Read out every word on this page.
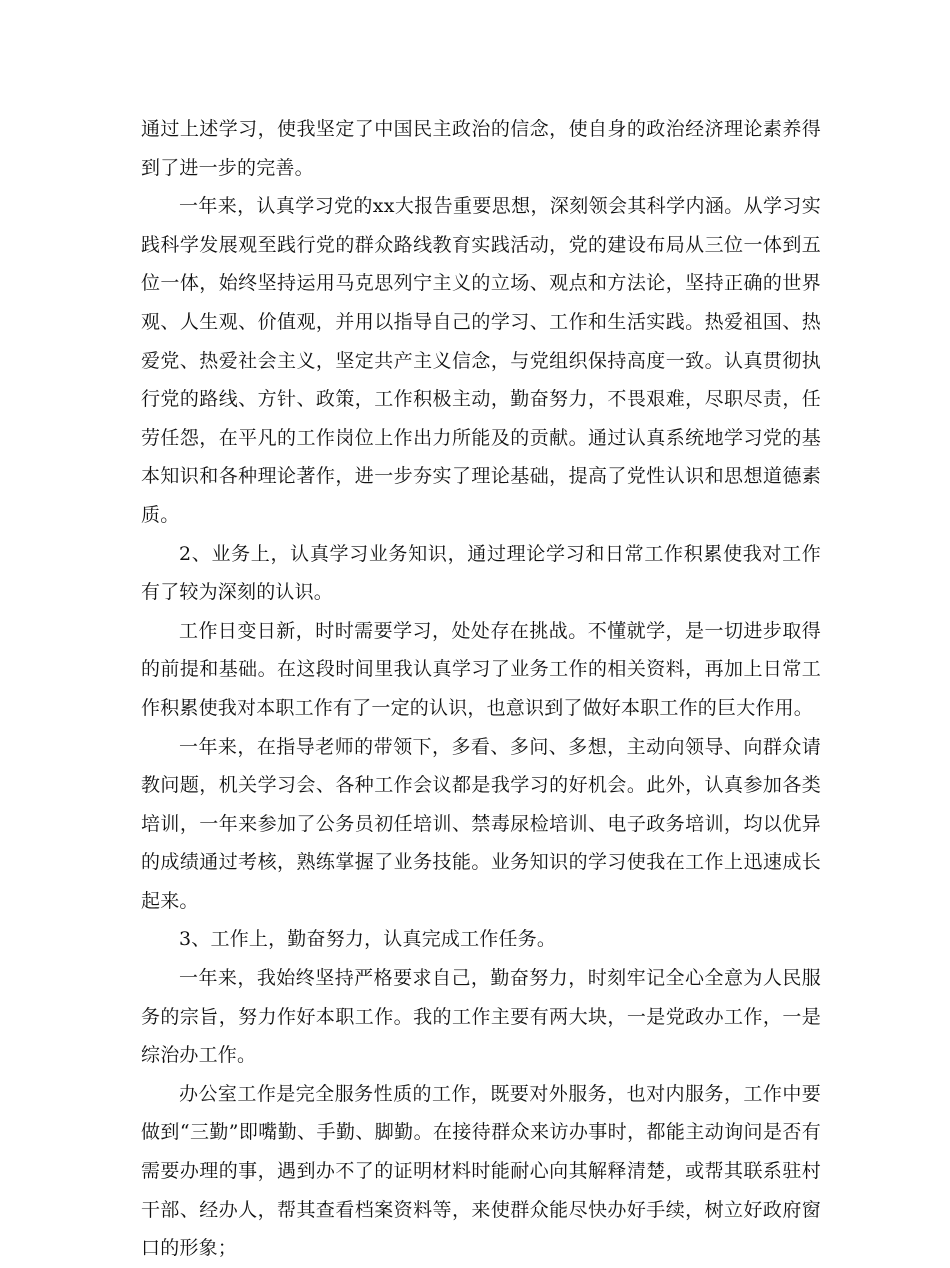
通过上述学习，使我坚定了中国民主政治的信念，使自身的政治经济理论素养得到了进一步的完善。

一年来，认真学习党的xx大报告重要思想，深刻领会其科学内涵。从学习实践科学发展观至践行党的群众路线教育实践活动，党的建设布局从三位一体到五位一体，始终坚持运用马克思列宁主义的立场、观点和方法论，坚持正确的世界观、人生观、价值观，并用以指导自己的学习、工作和生活实践。热爱祖国、热爱党、热爱社会主义，坚定共产主义信念，与党组织保持高度一致。认真贯彻执行党的路线、方针、政策，工作积极主动，勤奋努力，不畏艰难，尽职尽责，任劳任怨，在平凡的工作岗位上作出力所能及的贡献。通过认真系统地学习党的基本知识和各种理论著作，进一步夯实了理论基础，提高了党性认识和思想道德素质。

2、业务上，认真学习业务知识，通过理论学习和日常工作积累使我对工作有了较为深刻的认识。

工作日变日新，时时需要学习，处处存在挑战。不懂就学，是一切进步取得的前提和基础。在这段时间里我认真学习了业务工作的相关资料，再加上日常工作积累使我对本职工作有了一定的认识，也意识到了做好本职工作的巨大作用。

一年来，在指导老师的带领下，多看、多问、多想，主动向领导、向群众请教问题，机关学习会、各种工作会议都是我学习的好机会。此外，认真参加各类培训，一年来参加了公务员初任培训、禁毒尿检培训、电子政务培训，均以优异的成绩通过考核，熟练掌握了业务技能。业务知识的学习使我在工作上迅速成长起来。

3、工作上，勤奋努力，认真完成工作任务。

一年来，我始终坚持严格要求自己，勤奋努力，时刻牢记全心全意为人民服务的宗旨，努力作好本职工作。我的工作主要有两大块，一是党政办工作，一是综治办工作。

办公室工作是完全服务性质的工作，既要对外服务，也对内服务，工作中要做到“三勤”即嘴勤、手勤、脚勤。在接待群众来访办事时，都能主动询问是否有需要办理的事，遇到办不了的证明材料时能耐心向其解释清楚，或帮其联系驻村干部、经办人，帮其查看档案资料等，来使群众能尽快办好手续，树立好政府窗口的形象；
